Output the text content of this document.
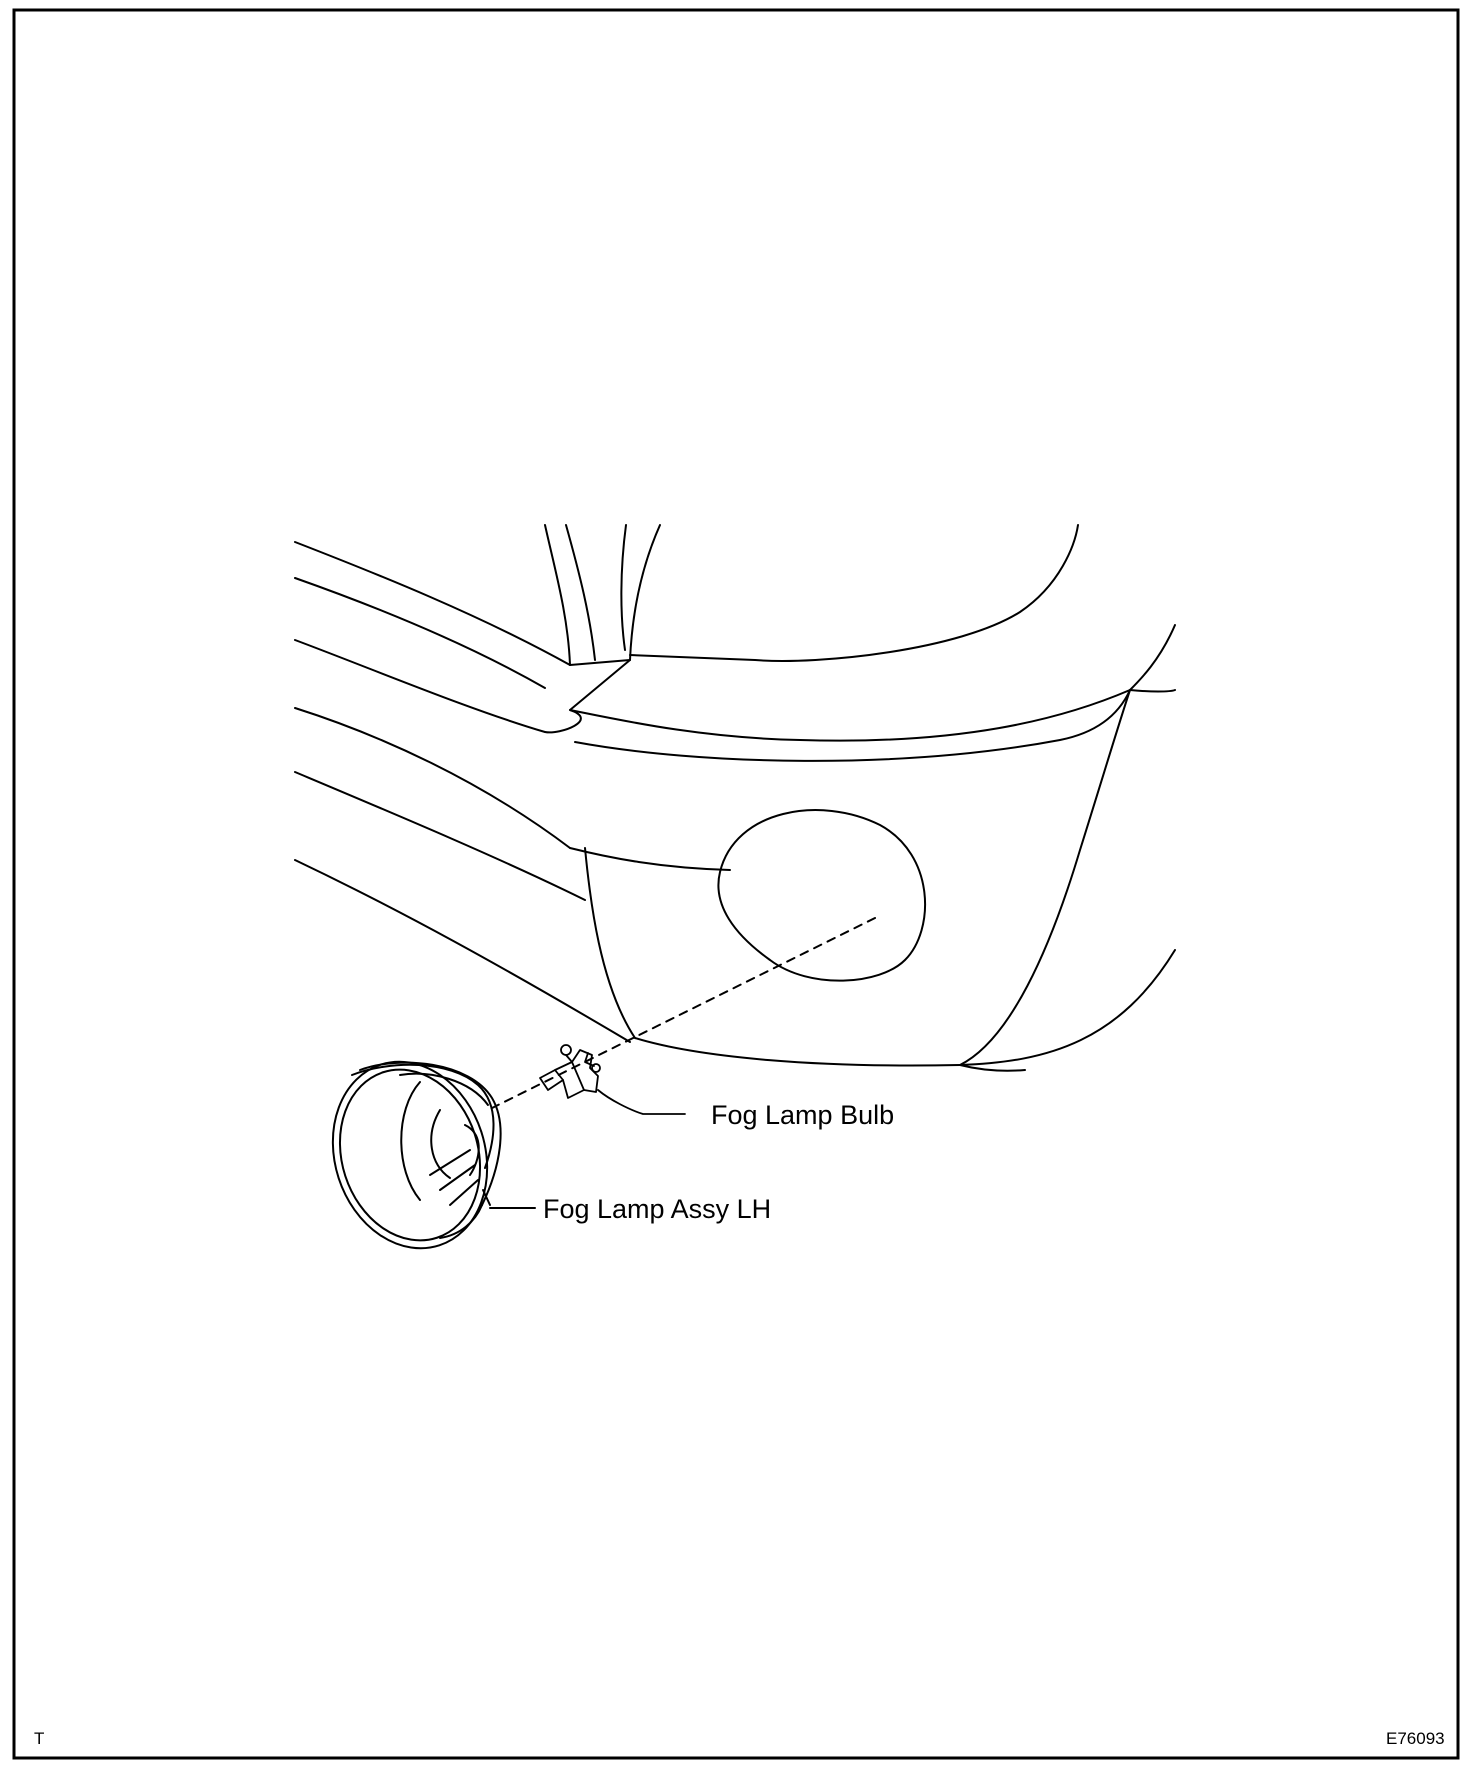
Fog Lamp Bulb
Fog Lamp Assy LH
T	E76093
